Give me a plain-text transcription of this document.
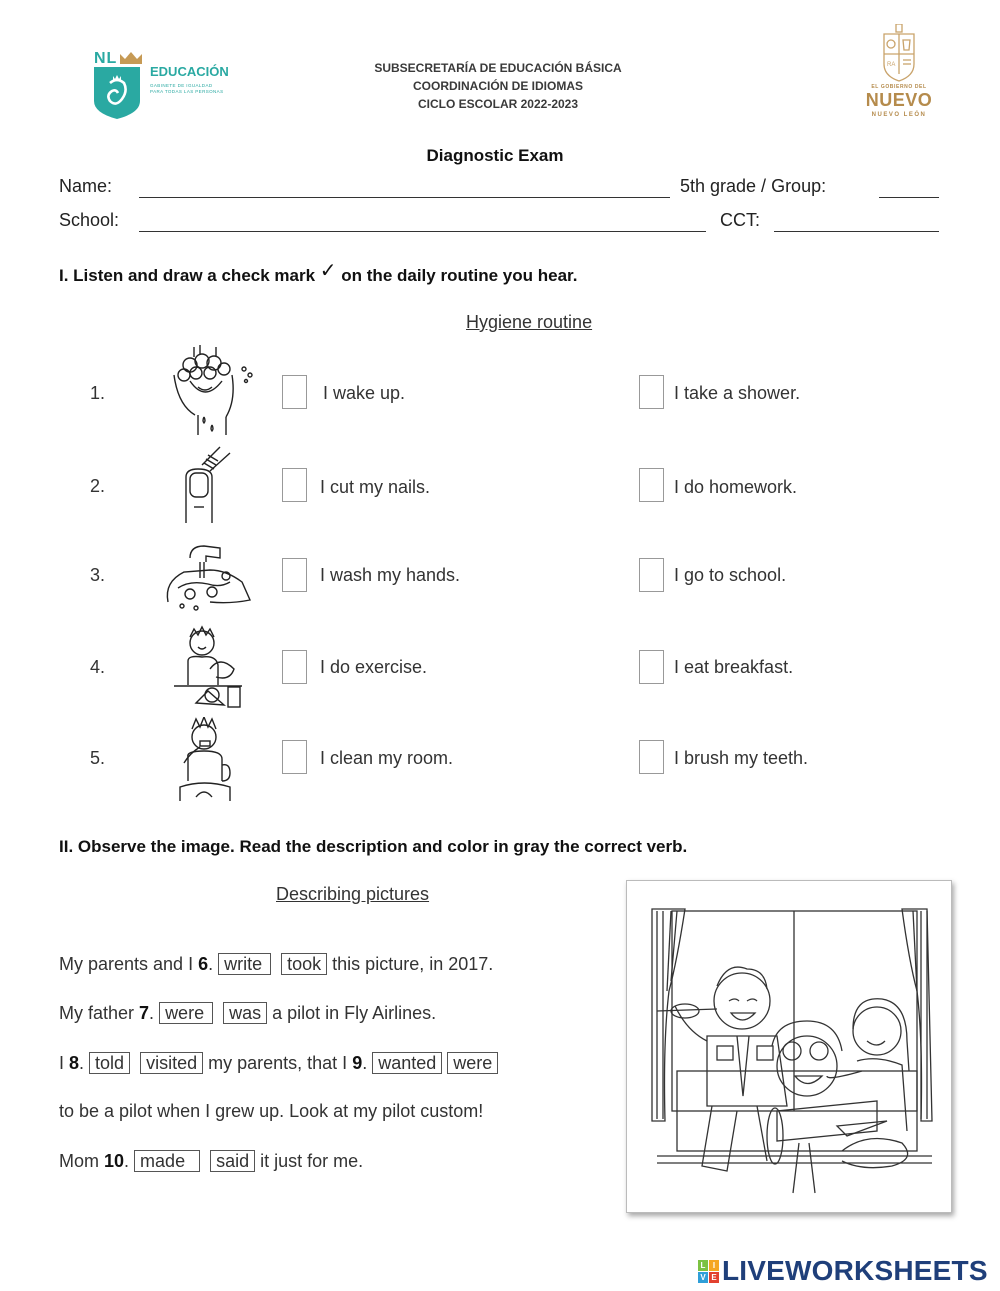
NL
EDUCACIÓN
GABINETE DE IGUALDAD
PARA TODAS LAS PERSONAS
SUBSECRETARÍA DE EDUCACIÓN BÁSICA
COORDINACIÓN DE IDIOMAS
CICLO ESCOLAR 2022-2023
RA
EL GOBIERNO DEL
NUEVO
NUEVO LEÓN
Diagnostic Exam
Name:	5th grade / Group:
School:	CCT:
I. Listen and draw a check mark ✓ on the daily routine you hear.
Hygiene routine
1.	I wake up.	I take a shower.
2.	I cut my nails.	I do homework.
3.	I wash my hands.	I go to school.
4.	I do exercise.	I eat breakfast.
5.	I clean my room.	I brush my teeth.
II. Observe the image. Read the description and color in gray the correct verb.
Describing pictures
My parents and I 6. write took this picture, in 2017.
My father 7. were was a pilot in Fly Airlines.
I 8. told visited my parents, that I 9. wanted were
to be a pilot when I grew up. Look at my pilot custom!
Mom 10. made said it just for me.
L I
V E LIVEWORKSHEETS
